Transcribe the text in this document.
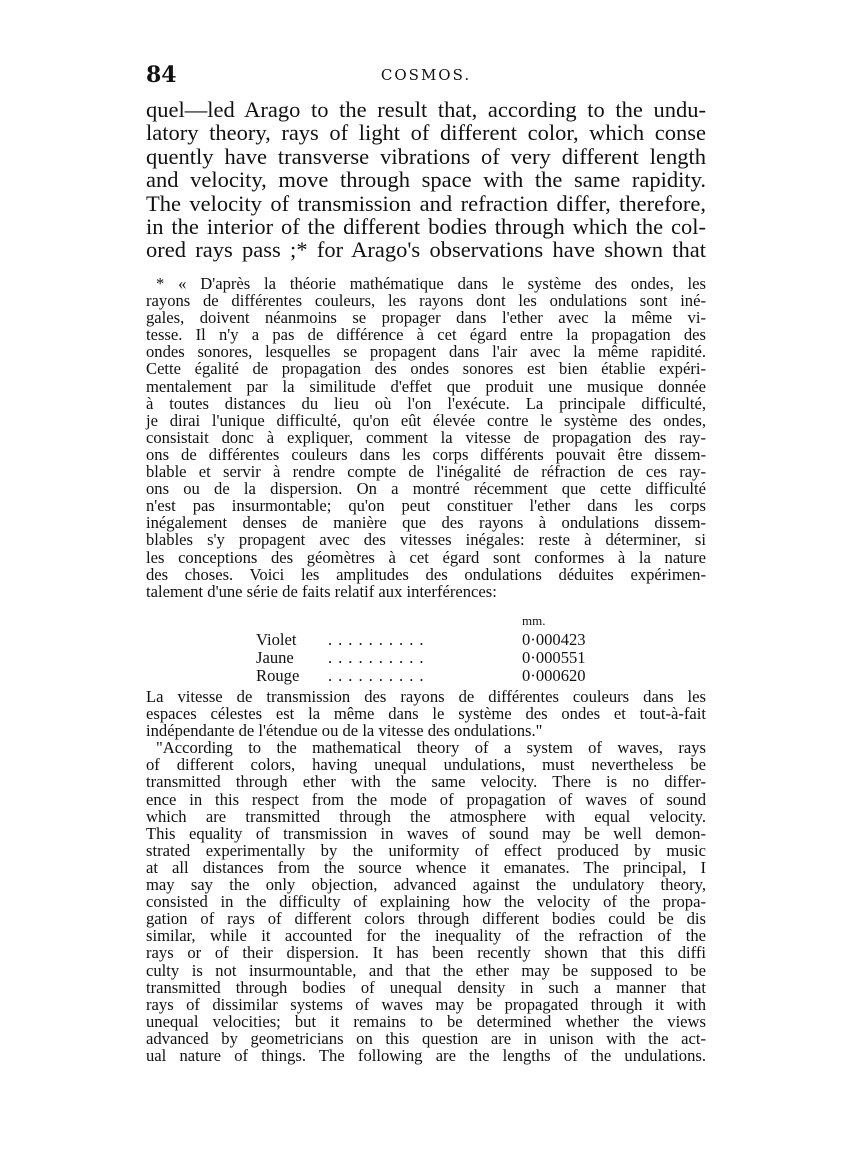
84	COSMOS.
quel—led Arago to the result that, according to the undu-
latory theory, rays of light of different color, which conse
quently have transverse vibrations of very different length
and velocity, move through space with the same rapidity.
The velocity of transmission and refraction differ, therefore,
in the interior of the different bodies through which the col-
ored rays pass ;* for Arago's observations have shown that
* « D'après la théorie mathématique dans le système des ondes, les
rayons de différentes couleurs, les rayons dont les ondulations sont iné-
gales, doivent néanmoins se propager dans l'ether avec la même vi-
tesse. Il n'y a pas de différence à cet égard entre la propagation des
ondes sonores, lesquelles se propagent dans l'air avec la même rapidité.
Cette égalité de propagation des ondes sonores est bien établie expéri-
mentalement par la similitude d'effet que produit une musique donnée
à toutes distances du lieu où l'on l'exécute. La principale difficulté,
je dirai l'unique difficulté, qu'on eût élevée contre le système des ondes,
consistait donc à expliquer, comment la vitesse de propagation des ray-
ons de différentes couleurs dans les corps différents pouvait être dissem-
blable et servir à rendre compte de l'inégalité de réfraction de ces ray-
ons ou de la dispersion. On a montré récemment que cette difficulté
n'est pas insurmontable; qu'on peut constituer l'ether dans les corps
inégalement denses de manière que des rayons à ondulations dissem-
blables s'y propagent avec des vitesses inégales: reste à déterminer, si
les conceptions des géomètres à cet égard sont conformes à la nature
des choses. Voici les amplitudes des ondulations déduites expérimen-
talement d'une série de faits relatif aux interférences:
mm.
Violet ..........	0·000423
Jaune ..........	0·000551
Rouge ..........	0·000620
La vitesse de transmission des rayons de différentes couleurs dans les
espaces célestes est la même dans le système des ondes et tout-à-fait
indépendante de l'étendue ou de la vitesse des ondulations."
"According to the mathematical theory of a system of waves, rays
of different colors, having unequal undulations, must nevertheless be
transmitted through ether with the same velocity. There is no differ-
ence in this respect from the mode of propagation of waves of sound
which are transmitted through the atmosphere with equal velocity.
This equality of transmission in waves of sound may be well demon-
strated experimentally by the uniformity of effect produced by music
at all distances from the source whence it emanates. The principal, I
may say the only objection, advanced against the undulatory theory,
consisted in the difficulty of explaining how the velocity of the propa-
gation of rays of different colors through different bodies could be dis
similar, while it accounted for the inequality of the refraction of the
rays or of their dispersion. It has been recently shown that this diffi
culty is not insurmountable, and that the ether may be supposed to be
transmitted through bodies of unequal density in such a manner that
rays of dissimilar systems of waves may be propagated through it with
unequal velocities; but it remains to be determined whether the views
advanced by geometricians on this question are in unison with the act-
ual nature of things. The following are the lengths of the undulations.
